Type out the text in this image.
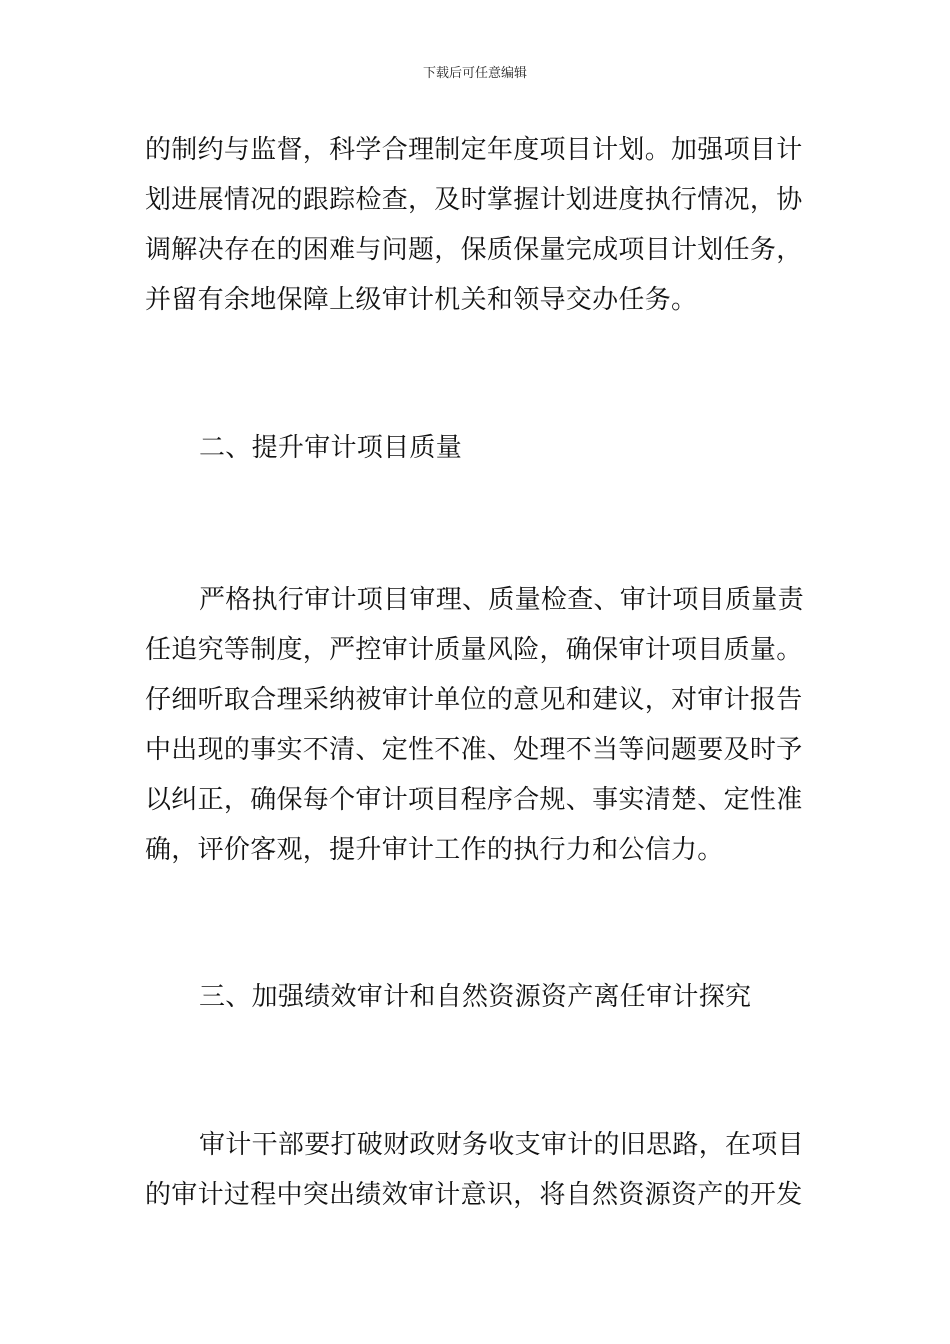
下载后可任意编辑
的制约与监督，科学合理制定年度项目计划。加强项目计
划进展情况的跟踪检查，及时掌握计划进度执行情况，协
调解决存在的困难与问题，保质保量完成项目计划任务，
并留有余地保障上级审计机关和领导交办任务。
二、提升审计项目质量
严格执行审计项目审理、质量检查、审计项目质量责
任追究等制度，严控审计质量风险，确保审计项目质量。
仔细听取合理采纳被审计单位的意见和建议，对审计报告
中出现的事实不清、定性不准、处理不当等问题要及时予
以纠正，确保每个审计项目程序合规、事实清楚、定性准
确，评价客观，提升审计工作的执行力和公信力。
三、加强绩效审计和自然资源资产离任审计探究
审计干部要打破财政财务收支审计的旧思路，在项目
的审计过程中突出绩效审计意识，将自然资源资产的开发
